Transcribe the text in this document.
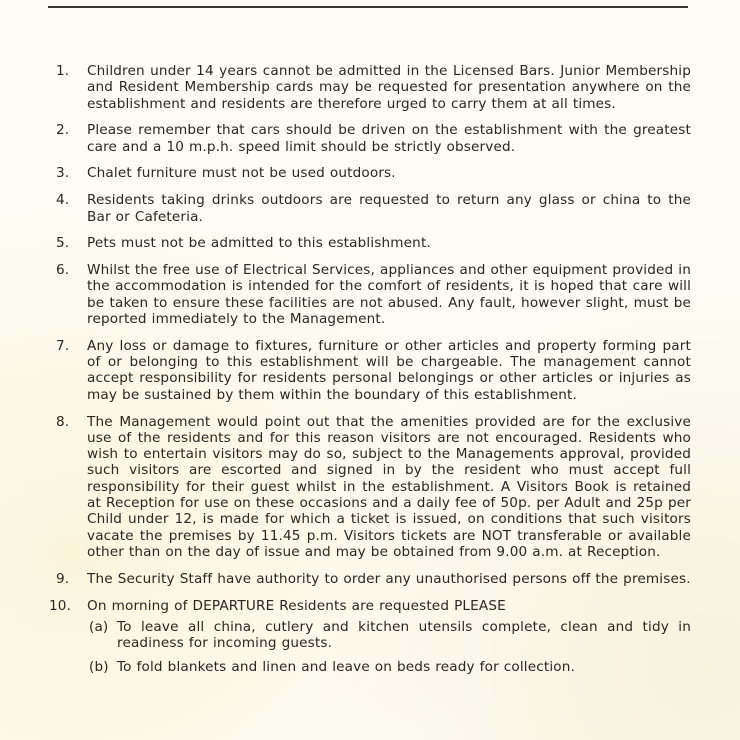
1.	Children under 14 years cannot be admitted in the Licensed Bars. Junior Membership and Resident Membership cards may be requested for presentation anywhere on the establishment and residents are therefore urged to carry them at all times.
2.	Please remember that cars should be driven on the establishment with the greatest care and a 10 m.p.h. speed limit should be strictly observed.
3.	Chalet furniture must not be used outdoors.
4.	Residents taking drinks outdoors are requested to return any glass or china to the Bar or Cafeteria.
5.	Pets must not be admitted to this establishment.
6.	Whilst the free use of Electrical Services, appliances and other equipment provided in the accommodation is intended for the comfort of residents, it is hoped that care will be taken to ensure these facilities are not abused. Any fault, however slight, must be reported immediately to the Management.
7.	Any loss or damage to fixtures, furniture or other articles and property forming part of or belonging to this establishment will be chargeable. The management cannot accept responsibility for residents personal belongings or other articles or injuries as may be sustained by them within the boundary of this establishment.
8.	The Management would point out that the amenities provided are for the exclusive use of the residents and for this reason visitors are not encouraged. Residents who wish to entertain visitors may do so, subject to the Managements approval, provided such visitors are escorted and signed in by the resident who must accept full responsibility for their guest whilst in the establishment. A Visitors Book is retained at Reception for use on these occasions and a daily fee of 50p. per Adult and 25p per Child under 12, is made for which a ticket is issued, on conditions that such visitors vacate the premises by 11.45 p.m. Visitors tickets are NOT transferable or available other than on the day of issue and may be obtained from 9.00 a.m. at Reception.
9.	The Security Staff have authority to order any unauthorised persons off the premises.
10.	On morning of DEPARTURE Residents are requested PLEASE
(a) To leave all china, cutlery and kitchen utensils complete, clean and tidy in readiness for incoming guests.
(b) To fold blankets and linen and leave on beds ready for collection.
